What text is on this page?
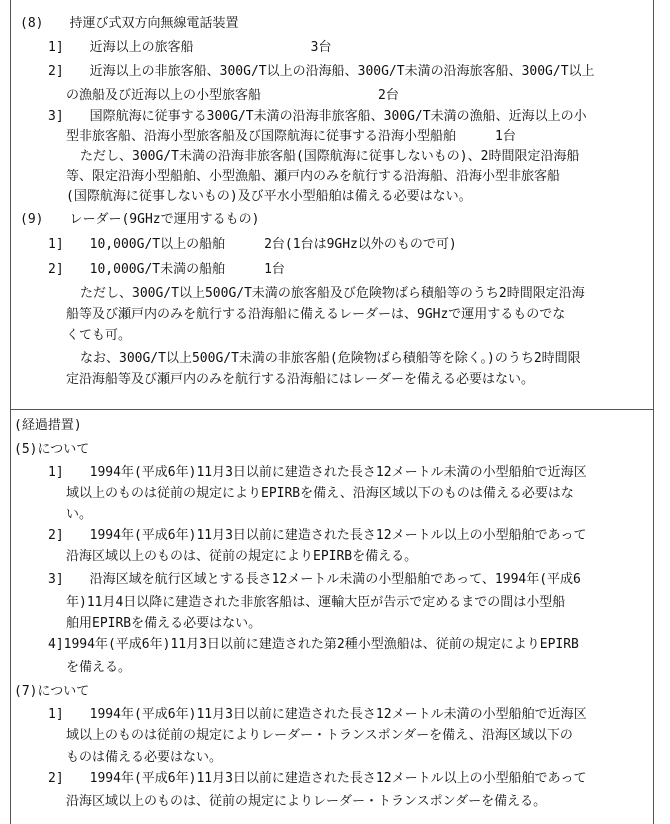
(8)　　持運び式双方向無線電話装置
1]　　近海以上の旅客船　　　　　　　　　3台
2]　　近海以上の非旅客船、300G/T以上の沿海船、300G/T未満の沿海旅客船、300G/T以上
の漁船及び近海以上の小型旅客船　　　　　　　　　2台
3]　　国際航海に従事する300G/T未満の沿海非旅客船、300G/T未満の漁船、近海以上の小
型非旅客船、沿海小型旅客船及び国際航海に従事する沿海小型船舶　　　1台
ただし、300G/T未満の沿海非旅客船(国際航海に従事しないもの)、2時間限定沿海船
等、限定沿海小型船舶、小型漁船、瀬戸内のみを航行する沿海船、沿海小型非旅客船
(国際航海に従事しないもの)及び平水小型船舶は備える必要はない。
(9)　　レーダー(9GHzで運用するもの)
1]　　10,000G/T以上の船舶　　　2台(1台は9GHz以外のもので可)
2]　　10,000G/T未満の船舶　　　1台
ただし、300G/T以上500G/T未満の旅客船及び危険物ばら積船等のうち2時間限定沿海
船等及び瀬戸内のみを航行する沿海船に備えるレーダーは、9GHzで運用するものでな
くても可。
なお、300G/T以上500G/T未満の非旅客船(危険物ばら積船等を除く。)のうち2時間限
定沿海船等及び瀬戸内のみを航行する沿海船にはレーダーを備える必要はない。
(経過措置)
(5)について
1]　　1994年(平成6年)11月3日以前に建造された長さ12メートル未満の小型船舶で近海区
域以上のものは従前の規定によりEPIRBを備え、沿海区域以下のものは備える必要はな
い。
2]　　1994年(平成6年)11月3日以前に建造された長さ12メートル以上の小型船舶であって
沿海区域以上のものは、従前の規定によりEPIRBを備える。
3]　　沿海区域を航行区域とする長さ12メートル未満の小型船舶であって、1994年(平成6
年)11月4日以降に建造された非旅客船は、運輸大臣が告示で定めるまでの間は小型船
舶用EPIRBを備える必要はない。
4]1994年(平成6年)11月3日以前に建造された第2種小型漁船は、従前の規定によりEPIRB
を備える。
(7)について
1]　　1994年(平成6年)11月3日以前に建造された長さ12メートル未満の小型船舶で近海区
域以上のものは従前の規定によりレーダー・トランスポンダーを備え、沿海区域以下の
ものは備える必要はない。
2]　　1994年(平成6年)11月3日以前に建造された長さ12メートル以上の小型船舶であって
沿海区域以上のものは、従前の規定によりレーダー・トランスポンダーを備える。
